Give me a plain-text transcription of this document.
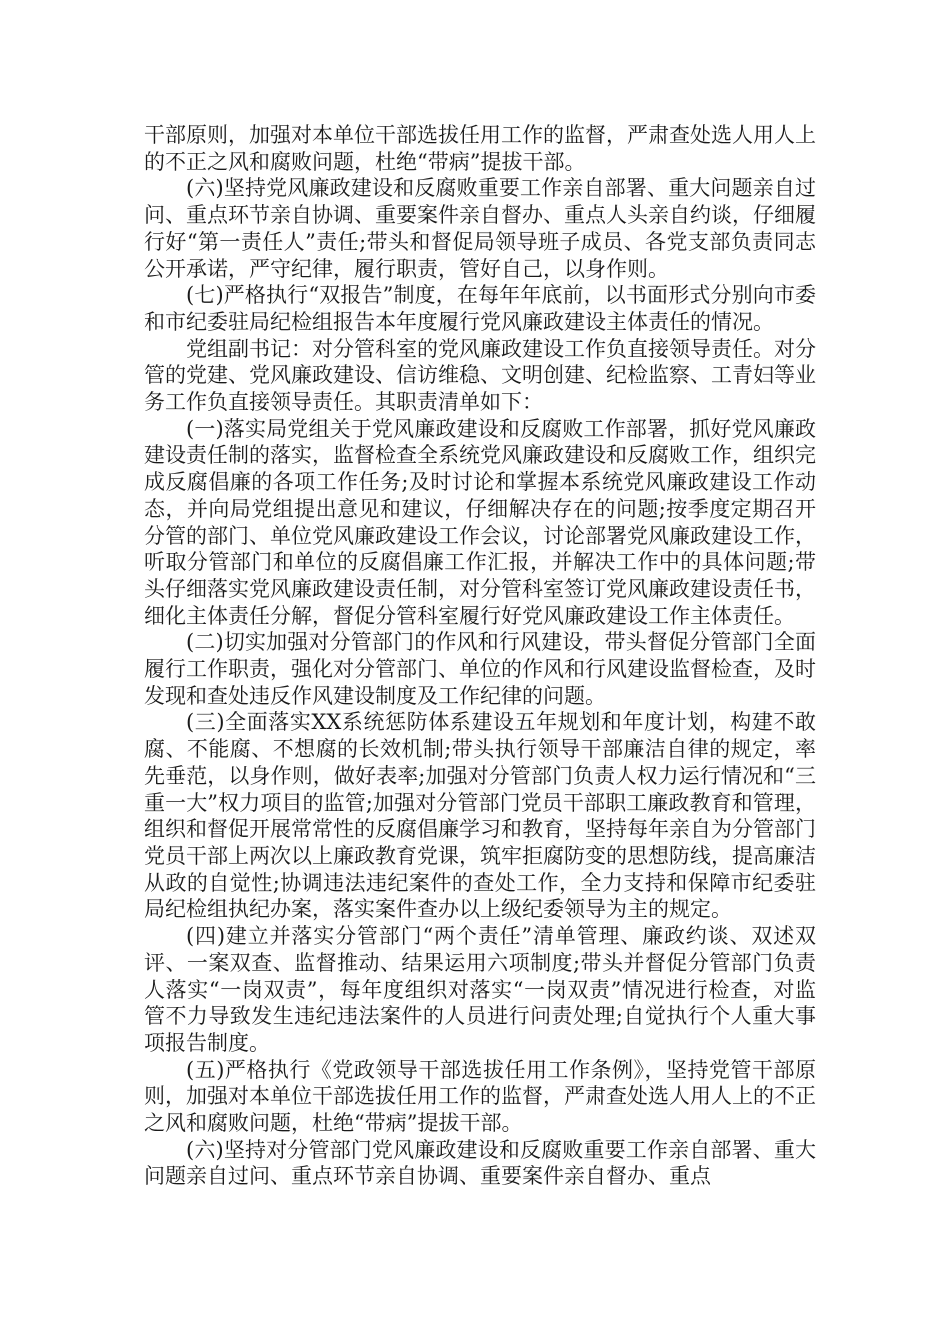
干部原则，加强对本单位干部选拔任用工作的监督，严肃查处选人用人上的不正之风和腐败问题，杜绝“带病”提拔干部。

(六)坚持党风廉政建设和反腐败重要工作亲自部署、重大问题亲自过问、重点环节亲自协调、重要案件亲自督办、重点人头亲自约谈，仔细履行好“第一责任人”责任;带头和督促局领导班子成员、各党支部负责同志公开承诺，严守纪律，履行职责，管好自己，以身作则。

(七)严格执行“双报告”制度，在每年年底前，以书面形式分别向市委和市纪委驻局纪检组报告本年度履行党风廉政建设主体责任的情况。

党组副书记：对分管科室的党风廉政建设工作负直接领导责任。对分管的党建、党风廉政建设、信访维稳、文明创建、纪检监察、工青妇等业务工作负直接领导责任。其职责清单如下：

(一)落实局党组关于党风廉政建设和反腐败工作部署，抓好党风廉政建设责任制的落实，监督检查全系统党风廉政建设和反腐败工作，组织完成反腐倡廉的各项工作任务;及时讨论和掌握本系统党风廉政建设工作动态，并向局党组提出意见和建议，仔细解决存在的问题;按季度定期召开分管的部门、单位党风廉政建设工作会议，讨论部署党风廉政建设工作，听取分管部门和单位的反腐倡廉工作汇报，并解决工作中的具体问题;带头仔细落实党风廉政建设责任制，对分管科室签订党风廉政建设责任书，细化主体责任分解，督促分管科室履行好党风廉政建设工作主体责任。

(二)切实加强对分管部门的作风和行风建设，带头督促分管部门全面履行工作职责，强化对分管部门、单位的作风和行风建设监督检查，及时发现和查处违反作风建设制度及工作纪律的问题。

(三)全面落实XX系统惩防体系建设五年规划和年度计划，构建不敢腐、不能腐、不想腐的长效机制;带头执行领导干部廉洁自律的规定，率先垂范，以身作则，做好表率;加强对分管部门负责人权力运行情况和“三重一大”权力项目的监管;加强对分管部门党员干部职工廉政教育和管理，组织和督促开展常常性的反腐倡廉学习和教育，坚持每年亲自为分管部门党员干部上两次以上廉政教育党课，筑牢拒腐防变的思想防线，提高廉洁从政的自觉性;协调违法违纪案件的查处工作，全力支持和保障市纪委驻局纪检组执纪办案，落实案件查办以上级纪委领导为主的规定。

(四)建立并落实分管部门“两个责任”清单管理、廉政约谈、双述双评、一案双查、监督推动、结果运用六项制度;带头并督促分管部门负责人落实“一岗双责”，每年度组织对落实“一岗双责”情况进行检查，对监管不力导致发生违纪违法案件的人员进行问责处理;自觉执行个人重大事项报告制度。

(五)严格执行《党政领导干部选拔任用工作条例》，坚持党管干部原则，加强对本单位干部选拔任用工作的监督，严肃查处选人用人上的不正之风和腐败问题，杜绝“带病”提拔干部。

(六)坚持对分管部门党风廉政建设和反腐败重要工作亲自部署、重大问题亲自过问、重点环节亲自协调、重要案件亲自督办、重点
